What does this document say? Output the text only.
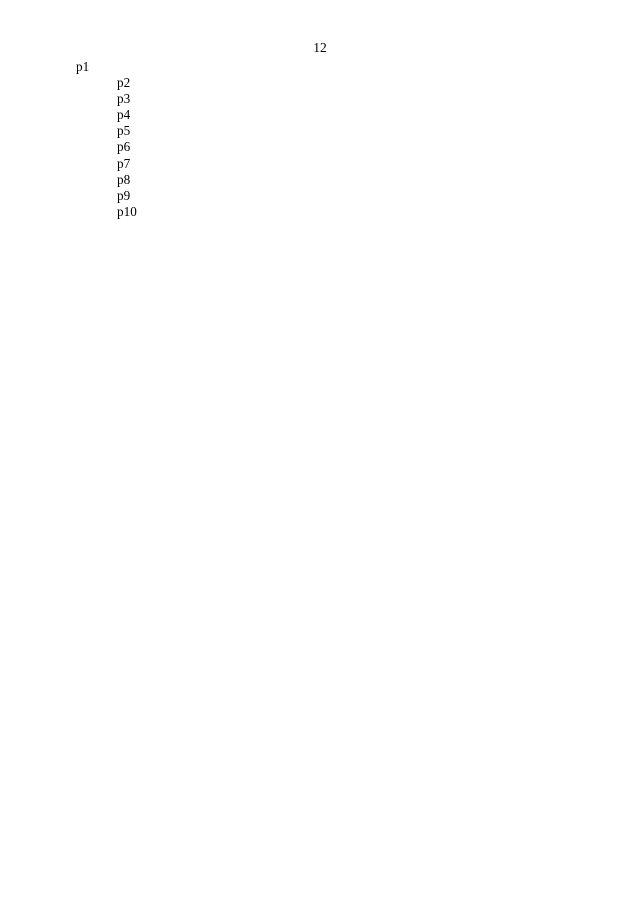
12

p1

p2

p3

p4

p5

p6

p7

p8

p9

p10
